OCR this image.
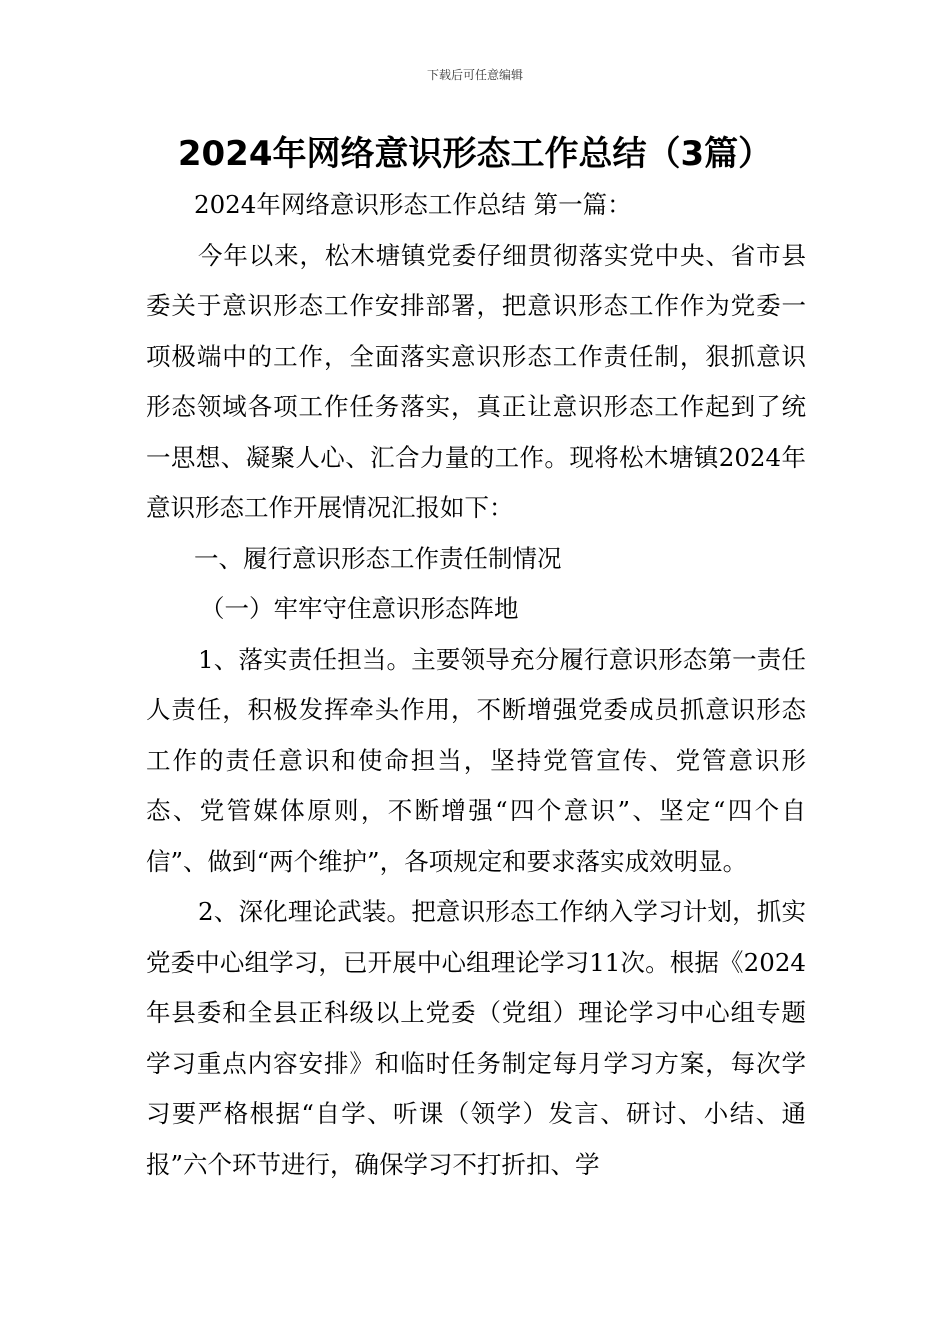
下载后可任意编辑
2024年网络意识形态工作总结（3篇）

2024年网络意识形态工作总结 第一篇：

今年以来，松木塘镇党委仔细贯彻落实党中央、省市县委关于意识形态工作安排部署，把意识形态工作作为党委一项极端中的工作，全面落实意识形态工作责任制，狠抓意识形态领域各项工作任务落实，真正让意识形态工作起到了统一思想、凝聚人心、汇合力量的工作。现将松木塘镇2024年意识形态工作开展情况汇报如下：

一、履行意识形态工作责任制情况

（一）牢牢守住意识形态阵地

1、落实责任担当。主要领导充分履行意识形态第一责任人责任，积极发挥牵头作用，不断增强党委成员抓意识形态工作的责任意识和使命担当，坚持党管宣传、党管意识形态、党管媒体原则，不断增强“四个意识”、坚定“四个自信”、做到“两个维护”，各项规定和要求落实成效明显。

2、深化理论武装。把意识形态工作纳入学习计划，抓实党委中心组学习，已开展中心组理论学习11次。根据《2024年县委和全县正科级以上党委（党组）理论学习中心组专题学习重点内容安排》和临时任务制定每月学习方案，每次学习要严格根据“自学、听课（领学）发言、研讨、小结、通报”六个环节进行，确保学习不打折扣、学
